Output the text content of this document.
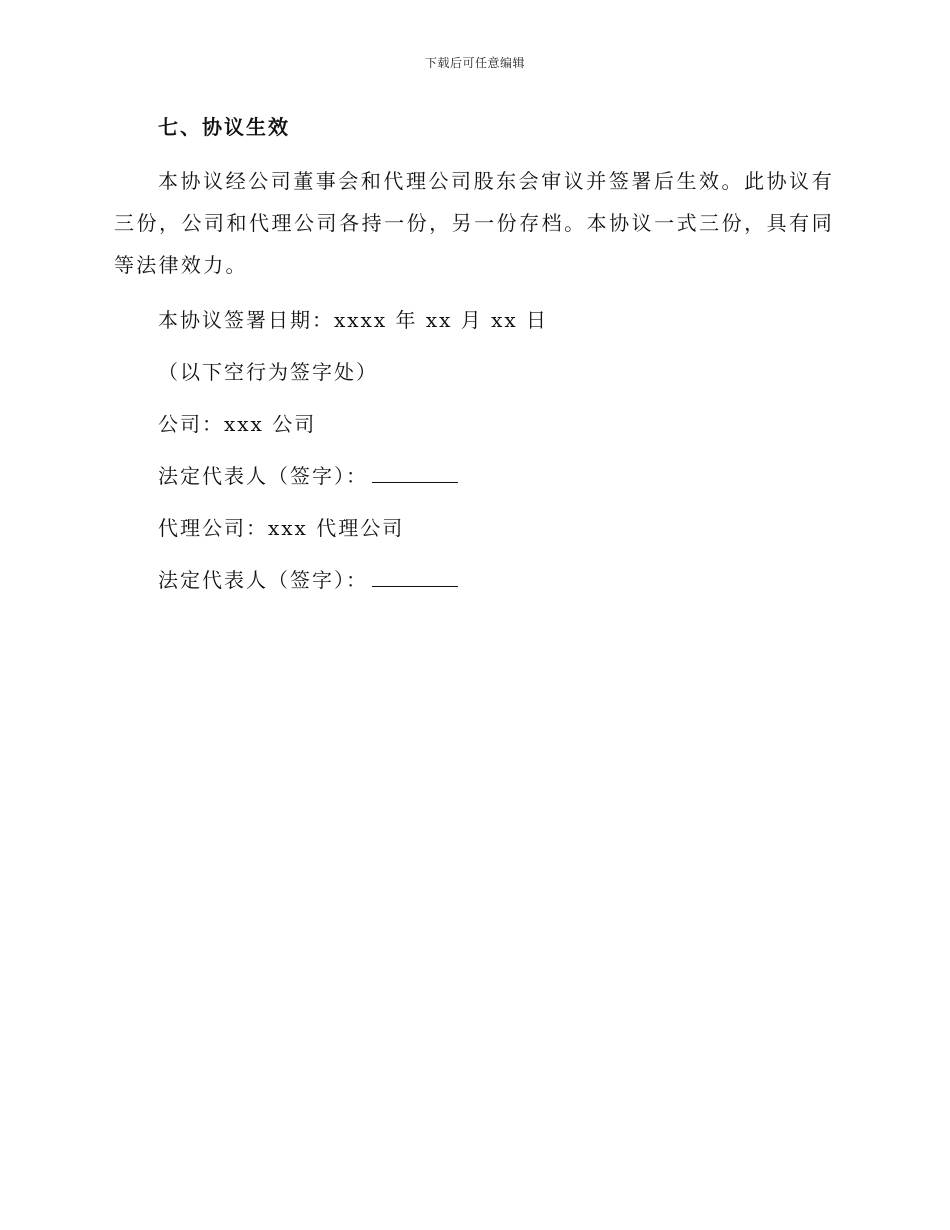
下载后可任意编辑
七、协议生效

本协议经公司董事会和代理公司股东会审议并签署后生效。此协议有三份，公司和代理公司各持一份，另一份存档。本协议一式三份，具有同等法律效力。

本协议签署日期：xxxx 年 xx 月 xx 日

（以下空行为签字处）

公司：xxx 公司

法定代表人（签字）：

代理公司：xxx 代理公司

法定代表人（签字）：
